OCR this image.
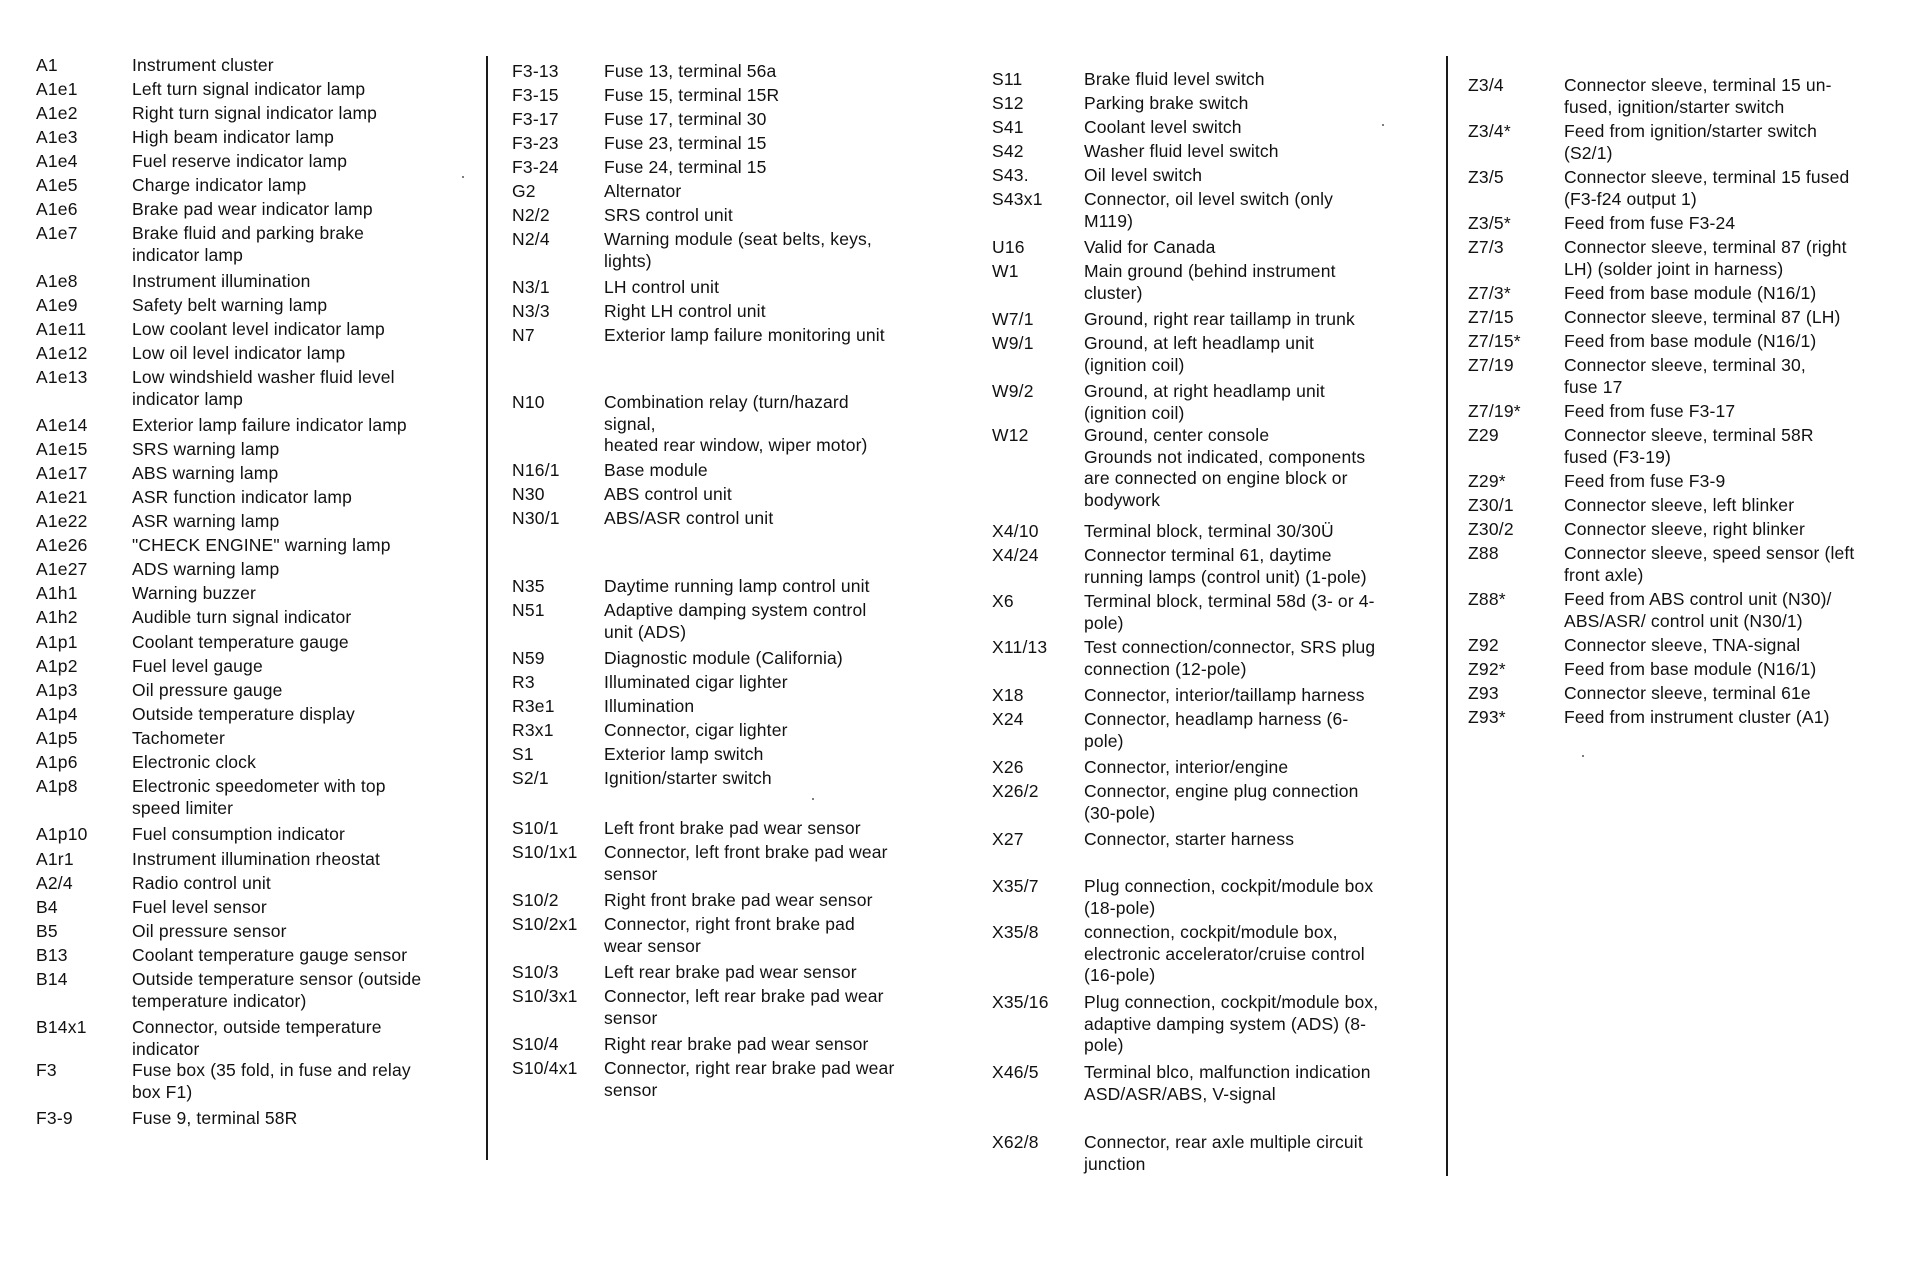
A1	Instrument cluster
A1e1	Left turn signal indicator lamp
A1e2	Right turn signal indicator lamp
A1e3	High beam indicator lamp
A1e4	Fuel reserve indicator lamp
A1e5	Charge indicator lamp
A1e6	Brake pad wear indicator lamp
A1e7	Brake fluid and parking brake
indicator lamp
A1e8	Instrument illumination
A1e9	Safety belt warning lamp
A1e11	Low coolant level indicator lamp
A1e12	Low oil level indicator lamp
A1e13	Low windshield washer fluid level
indicator lamp
A1e14	Exterior lamp failure indicator lamp
A1e15	SRS warning lamp
A1e17	ABS warning lamp
A1e21	ASR function indicator lamp
A1e22	ASR warning lamp
A1e26	"CHECK ENGINE" warning lamp
A1e27	ADS warning lamp
A1h1	Warning buzzer
A1h2	Audible turn signal indicator
A1p1	Coolant temperature gauge
A1p2	Fuel level gauge
A1p3	Oil pressure gauge
A1p4	Outside temperature display
A1p5	Tachometer
A1p6	Electronic clock
A1p8	Electronic speedometer with top
speed limiter
A1p10	Fuel consumption indicator
A1r1	Instrument illumination rheostat
A2/4	Radio control unit
B4	Fuel level sensor
B5	Oil pressure sensor
B13	Coolant temperature gauge sensor
B14	Outside temperature sensor (outside
temperature indicator)
B14x1	Connector, outside temperature
indicator
F3	Fuse box (35 fold, in fuse and relay
box F1)
F3-9	Fuse 9, terminal 58R
F3-13	Fuse 13, terminal 56a
F3-15	Fuse 15, terminal 15R
F3-17	Fuse 17, terminal 30
F3-23	Fuse 23, terminal 15
F3-24	Fuse 24, terminal 15
G2	Alternator
N2/2	SRS control unit
N2/4	Warning module (seat belts, keys,
lights)
N3/1	LH control unit
N3/3	Right LH control unit
N7	Exterior lamp failure monitoring unit
N10	Combination relay (turn/hazard
signal,
heated rear window, wiper motor)
N16/1	Base module
N30	ABS control unit
N30/1	ABS/ASR control unit
N35	Daytime running lamp control unit
N51	Adaptive damping system control
unit (ADS)
N59	Diagnostic module (California)
R3	Illuminated cigar lighter
R3e1	Illumination
R3x1	Connector, cigar lighter
S1	Exterior lamp switch
S2/1	Ignition/starter switch
S10/1	Left front brake pad wear sensor
S10/1x1 Connector, left front brake pad wear
sensor
S10/2	Right front brake pad wear sensor
S10/2x1 Connector, right front brake pad
wear sensor
S10/3	Left rear brake pad wear sensor
S10/3x1 Connector, left rear brake pad wear
sensor
S10/4	Right rear brake pad wear sensor
S10/4x1 Connector, right rear brake pad wear
sensor
S11	Brake fluid level switch
S12	Parking brake switch
S41	Coolant level switch
S42	Washer fluid level switch
S43.	Oil level switch
S43x1 Connector, oil level switch (only
M119)
U16	Valid for Canada
W1	Main ground (behind instrument
cluster)
W7/1	Ground, right rear taillamp in trunk
W9/1	Ground, at left headlamp unit
(ignition coil)
W9/2	Ground, at right headlamp unit
(ignition coil)
W12	Ground, center console
Grounds not indicated, components
are connected on engine block or
bodywork
X4/10	Terminal block, terminal 30/30Ü
X4/24	Connector terminal 61, daytime
running lamps (control unit) (1-pole)
X6	Terminal block, terminal 58d (3- or 4-
pole)
X11/13 Test connection/connector, SRS plug
connection (12-pole)
X18	Connector, interior/taillamp harness
X24	Connector, headlamp harness (6-
pole)
X26	Connector, interior/engine
X26/2	Connector, engine plug connection
(30-pole)
X27	Connector, starter harness
X35/7	Plug connection, cockpit/module box
(18-pole)
X35/8	connection, cockpit/module box,
electronic accelerator/cruise control
(16-pole)
X35/16 Plug connection, cockpit/module box,
adaptive damping system (ADS) (8-
pole)
X46/5	Terminal blco, malfunction indication
ASD/ASR/ABS, V-signal
X62/8	Connector, rear axle multiple circuit
junction
Z3/4	Connector sleeve, terminal 15 un-
fused, ignition/starter switch
Z3/4*	Feed from ignition/starter switch
(S2/1)
Z3/5	Connector sleeve, terminal 15 fused
(F3-f24 output 1)
Z3/5*	Feed from fuse F3-24
Z7/3	Connector sleeve, terminal 87 (right
LH) (solder joint in harness)
Z7/3*	Feed from base module (N16/1)
Z7/15	Connector sleeve, terminal 87 (LH)
Z7/15* Feed from base module (N16/1)
Z7/19	Connector sleeve, terminal 30,
fuse 17
Z7/19* Feed from fuse F3-17
Z29	Connector sleeve, terminal 58R
fused (F3-19)
Z29*	Feed from fuse F3-9
Z30/1	Connector sleeve, left blinker
Z30/2	Connector sleeve, right blinker
Z88	Connector sleeve, speed sensor (left
front axle)
Z88*	Feed from ABS control unit (N30)/
ABS/ASR/ control unit (N30/1)
Z92	Connector sleeve, TNA-signal
Z92*	Feed from base module (N16/1)
Z93	Connector sleeve, terminal 61e
Z93*	Feed from instrument cluster (A1)
